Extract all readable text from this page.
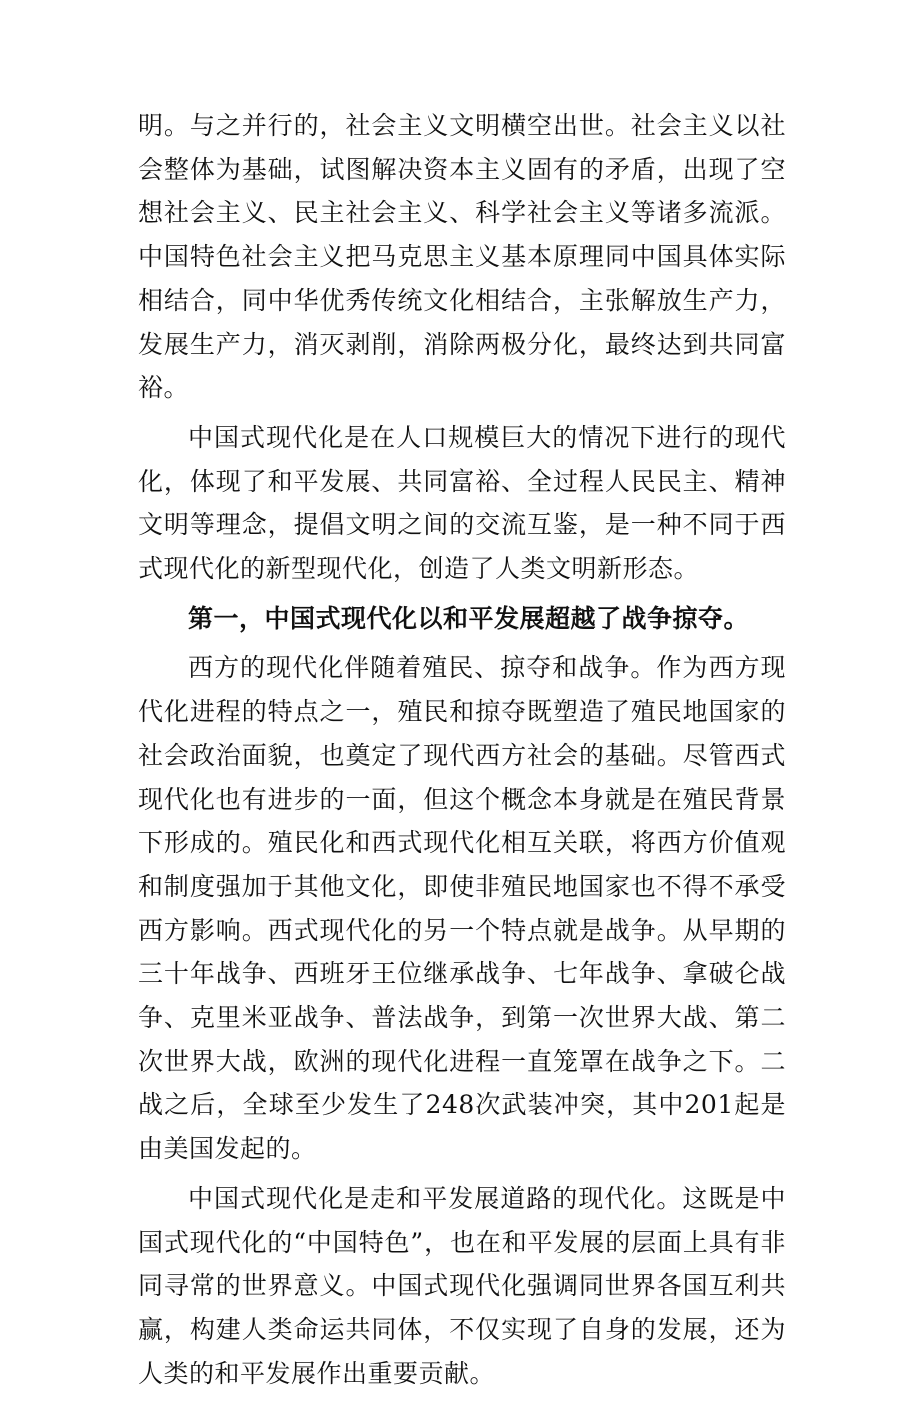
明。与之并行的，社会主义文明横空出世。社会主义以社会整体为基础，试图解决资本主义固有的矛盾，出现了空想社会主义、民主社会主义、科学社会主义等诸多流派。中国特色社会主义把马克思主义基本原理同中国具体实际相结合，同中华优秀传统文化相结合，主张解放生产力，发展生产力，消灭剥削，消除两极分化，最终达到共同富裕。

中国式现代化是在人口规模巨大的情况下进行的现代化，体现了和平发展、共同富裕、全过程人民民主、精神文明等理念，提倡文明之间的交流互鉴，是一种不同于西式现代化的新型现代化，创造了人类文明新形态。

第一，中国式现代化以和平发展超越了战争掠夺。

西方的现代化伴随着殖民、掠夺和战争。作为西方现代化进程的特点之一，殖民和掠夺既塑造了殖民地国家的社会政治面貌，也奠定了现代西方社会的基础。尽管西式现代化也有进步的一面，但这个概念本身就是在殖民背景下形成的。殖民化和西式现代化相互关联，将西方价值观和制度强加于其他文化，即使非殖民地国家也不得不承受西方影响。西式现代化的另一个特点就是战争。从早期的三十年战争、西班牙王位继承战争、七年战争、拿破仑战争、克里米亚战争、普法战争，到第一次世界大战、第二次世界大战，欧洲的现代化进程一直笼罩在战争之下。二战之后，全球至少发生了248次武装冲突，其中201起是由美国发起的。

中国式现代化是走和平发展道路的现代化。这既是中国式现代化的“中国特色”，也在和平发展的层面上具有非同寻常的世界意义。中国式现代化强调同世界各国互利共赢，构建人类命运共同体，不仅实现了自身的发展，还为人类的和平发展作出重要贡献。
